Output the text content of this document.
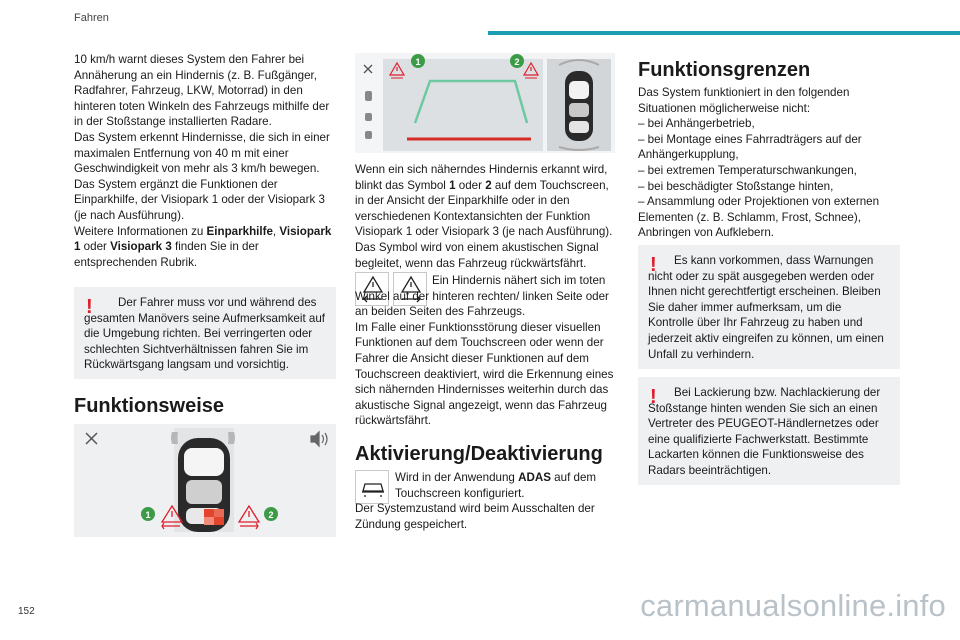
Fahren
152	carmanualsonline.info

10 km/h warnt dieses System den Fahrer bei Annäherung an ein Hindernis (z. B. Fußgänger, Radfahrer, Fahrzeug, LKW, Motorrad) in den hinteren toten Winkeln des Fahrzeugs mithilfe der in der Stoßstange installierten Radare.

Das System erkennt Hindernisse, die sich in einer maximalen Entfernung von 40 m mit einer Geschwindigkeit von mehr als 3 km/h bewegen.

Das System ergänzt die Funktionen der Einparkhilfe, der Visiopark 1 oder der Visiopark 3 (je nach Ausführung).

Weitere Informationen zu Einparkhilfe, Visiopark 1 oder Visiopark 3 finden Sie in der entsprechenden Rubrik.

!	Der Fahrer muss vor und während des gesamten Manövers seine Aufmerksamkeit auf die Umgebung richten. Bei verringerten oder schlechten Sichtverhältnissen fahren Sie im Rückwärtsgang langsam und vorsichtig.
Funktionsweise
1	2
1	2

Wenn ein sich näherndes Hindernis erkannt wird, blinkt das Symbol 1 oder 2 auf dem Touchscreen, in der Ansicht der Einparkhilfe oder in den verschiedenen Kontextansichten der Funktion Visiopark 1 oder Visiopark 3 (je nach Ausführung).

Das Symbol wird von einem akustischen Signal begleitet, wenn das Fahrzeug rückwärtsfährt.

Ein Hindernis nähert sich im toten Winkel auf der hinteren rechten/ linken Seite oder an beiden Seiten des Fahrzeugs.

Im Falle einer Funktionsstörung dieser visuellen Funktionen auf dem Touchscreen oder wenn der Fahrer die Ansicht dieser Funktionen auf dem Touchscreen deaktiviert, wird die Erkennung eines sich nähernden Hindernisses weiterhin durch das akustische Signal angezeigt, wenn das Fahrzeug rückwärtsfährt.

Aktivierung/Deaktivierung

Wird in der Anwendung ADAS auf dem Touchscreen konfiguriert.

Der Systemzustand wird beim Ausschalten der Zündung gespeichert.

Funktionsgrenzen

Das System funktioniert in den folgenden Situationen möglicherweise nicht:

– bei Anhängerbetrieb,

– bei Montage eines Fahrradträgers auf der Anhängerkupplung,

– bei extremen Temperaturschwankungen,

– bei beschädigter Stoßstange hinten,

– Ansammlung oder Projektionen von externen Elementen (z. B. Schlamm, Frost, Schnee), Anbringen von Aufklebern.

!	Es kann vorkommen, dass Warnungen nicht oder zu spät ausgegeben werden oder Ihnen nicht gerechtfertigt erscheinen. Bleiben Sie daher immer aufmerksam, um die Kontrolle über Ihr Fahrzeug zu haben und jederzeit aktiv eingreifen zu können, um einen Unfall zu verhindern.
!	Bei Lackierung bzw. Nachlackierung der Stoßstange hinten wenden Sie sich an einen Vertreter des PEUGEOT-Händlernetzes oder eine qualifizierte Fachwerkstatt. Bestimmte Lackarten können die Funktionsweise des Radars beeinträchtigen.
